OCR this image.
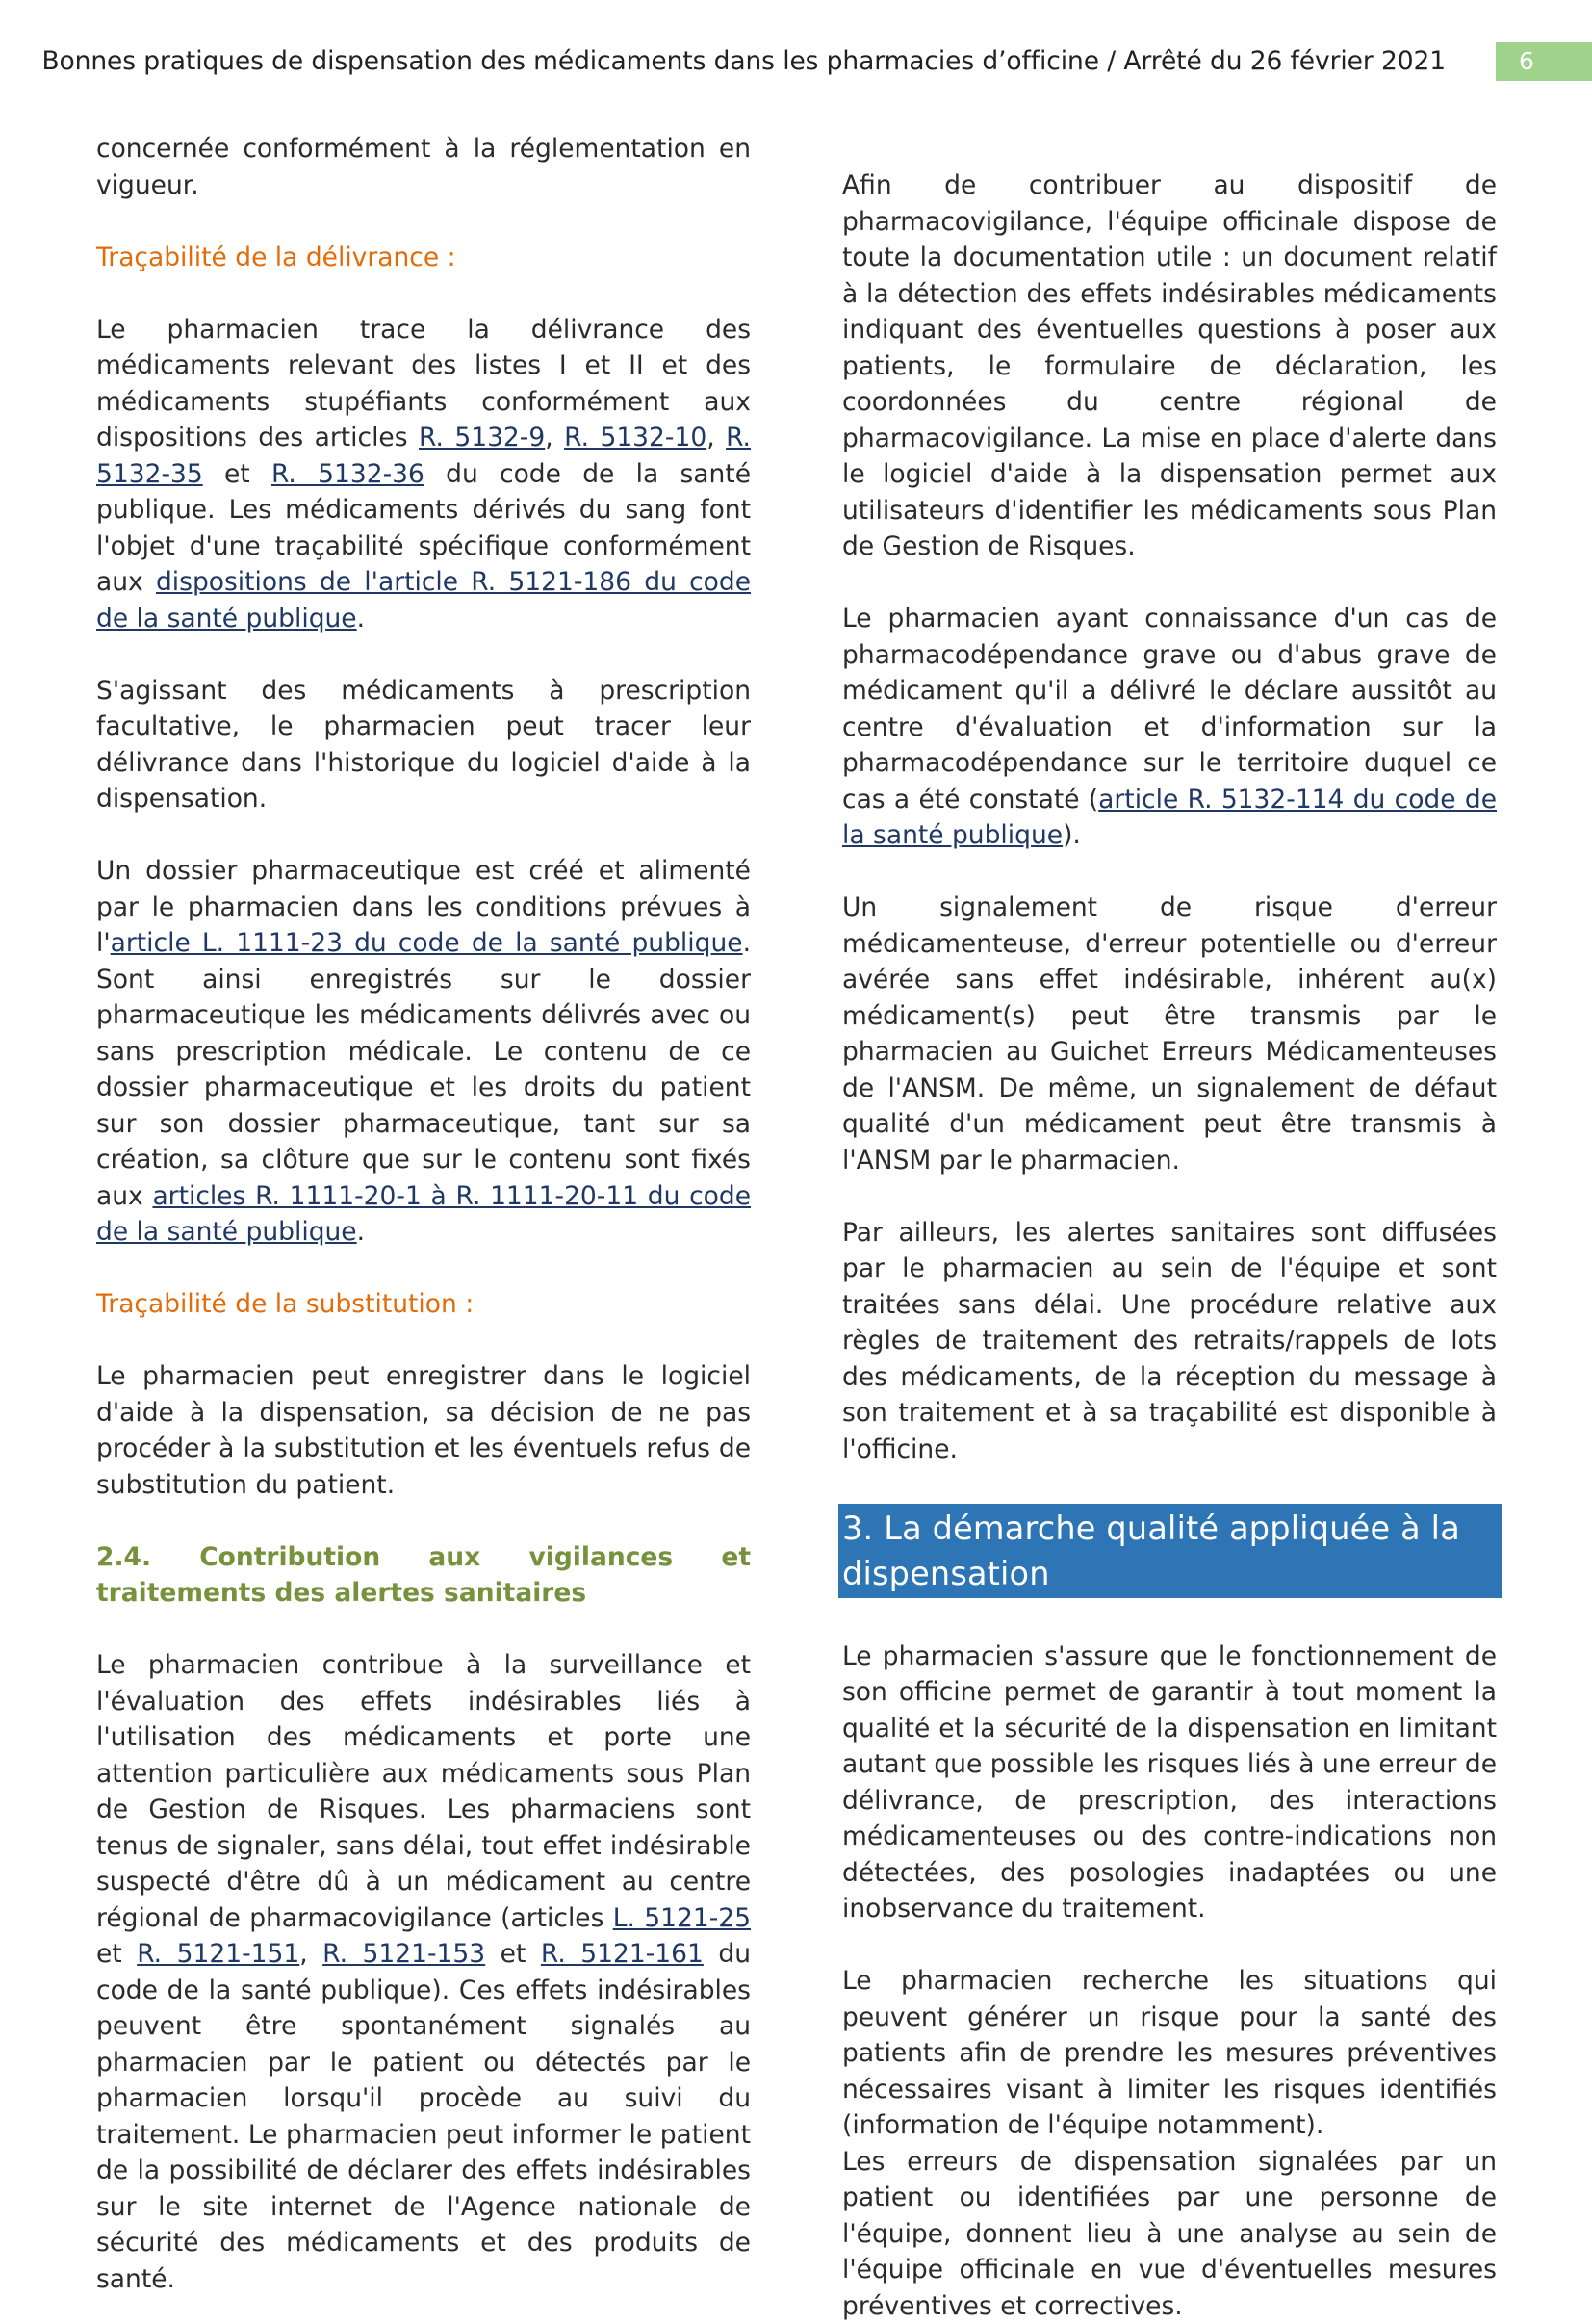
Bonnes pratiques de dispensation des médicaments dans les pharmacies d’officine / Arrêté du 26 février 2021	6

concernée conformément à la réglementation en vigueur.

Traçabilité de la délivrance :

Le pharmacien trace la délivrance des médicaments relevant des listes I et II et des médicaments stupéfiants conformément aux dispositions des articles R. 5132-9, R. 5132-10, R. 5132-35 et R. 5132-36 du code de la santé publique. Les médicaments dérivés du sang font l'objet d'une traçabilité spécifique conformément aux dispositions de l'article R. 5121-186 du code de la santé publique.

S'agissant des médicaments à prescription facultative, le pharmacien peut tracer leur délivrance dans l'historique du logiciel d'aide à la dispensation.

Un dossier pharmaceutique est créé et alimenté par le pharmacien dans les conditions prévues à l'article L. 1111-23 du code de la santé publique. Sont ainsi enregistrés sur le dossier pharmaceutique les médicaments délivrés avec ou sans prescription médicale. Le contenu de ce dossier pharmaceutique et les droits du patient sur son dossier pharmaceutique, tant sur sa création, sa clôture que sur le contenu sont fixés aux articles R. 1111-20-1 à R. 1111-20-11 du code de la santé publique.

Traçabilité de la substitution :

Le pharmacien peut enregistrer dans le logiciel d'aide à la dispensation, sa décision de ne pas procéder à la substitution et les éventuels refus de substitution du patient.

2.4. Contribution aux vigilances et traitements des alertes sanitaires

Le pharmacien contribue à la surveillance et l'évaluation des effets indésirables liés à l'utilisation des médicaments et porte une attention particulière aux médicaments sous Plan de Gestion de Risques. Les pharmaciens sont tenus de signaler, sans délai, tout effet indésirable suspecté d'être dû à un médicament au centre régional de pharmacovigilance (articles L. 5121-25 et R. 5121-151, R. 5121-153 et R. 5121-161 du code de la santé publique). Ces effets indésirables peuvent être spontanément signalés au pharmacien par le patient ou détectés par le pharmacien lorsqu'il procède au suivi du traitement. Le pharmacien peut informer le patient de la possibilité de déclarer des effets indésirables sur le site internet de l'Agence nationale de sécurité des médicaments et des produits de santé.

Afin de contribuer au dispositif de pharmacovigilance, l'équipe officinale dispose de toute la documentation utile : un document relatif à la détection des effets indésirables médicaments indiquant des éventuelles questions à poser aux patients, le formulaire de déclaration, les coordonnées du centre régional de pharmacovigilance. La mise en place d'alerte dans le logiciel d'aide à la dispensation permet aux utilisateurs d'identifier les médicaments sous Plan de Gestion de Risques.

Le pharmacien ayant connaissance d'un cas de pharmacodépendance grave ou d'abus grave de médicament qu'il a délivré le déclare aussitôt au centre d'évaluation et d'information sur la pharmacodépendance sur le territoire duquel ce cas a été constaté (article R. 5132-114 du code de la santé publique).

Un signalement de risque d'erreur médicamenteuse, d'erreur potentielle ou d'erreur avérée sans effet indésirable, inhérent au(x) médicament(s) peut être transmis par le pharmacien au Guichet Erreurs Médicamenteuses de l'ANSM. De même, un signalement de défaut qualité d'un médicament peut être transmis à l'ANSM par le pharmacien.

Par ailleurs, les alertes sanitaires sont diffusées par le pharmacien au sein de l'équipe et sont traitées sans délai. Une procédure relative aux règles de traitement des retraits/rappels de lots des médicaments, de la réception du message à son traitement et à sa traçabilité est disponible à l'officine.

3. La démarche qualité appliquée à la dispensation

Le pharmacien s'assure que le fonctionnement de son officine permet de garantir à tout moment la qualité et la sécurité de la dispensation en limitant autant que possible les risques liés à une erreur de délivrance, de prescription, des interactions médicamenteuses ou des contre-indications non détectées, des posologies inadaptées ou une inobservance du traitement.

Le pharmacien recherche les situations qui peuvent générer un risque pour la santé des patients afin de prendre les mesures préventives nécessaires visant à limiter les risques identifiés (information de l'équipe notamment).

Les erreurs de dispensation signalées par un patient ou identifiées par une personne de l'équipe, donnent lieu à une analyse au sein de l'équipe officinale en vue d'éventuelles mesures préventives et correctives.
